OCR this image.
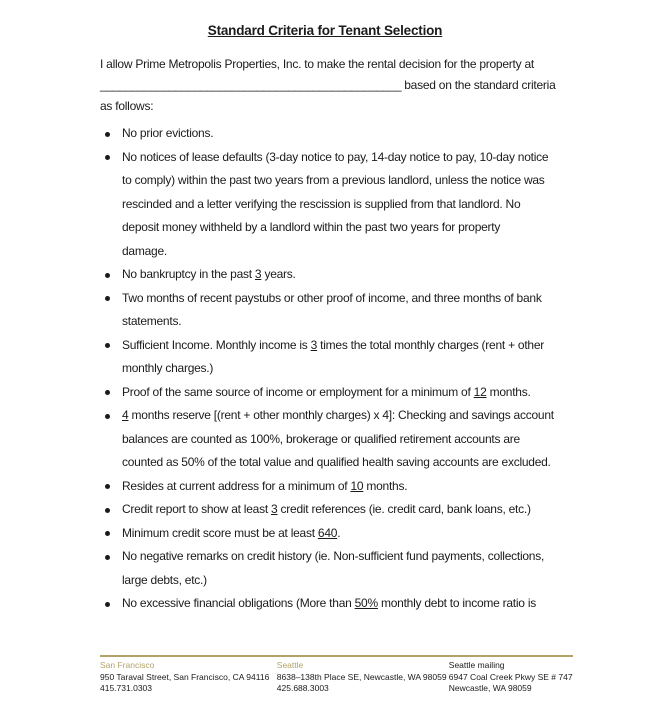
Standard Criteria for Tenant Selection

I allow Prime Metropolis Properties, Inc. to make the rental decision for the property at
________________________________________________ based on the standard criteria
as follows:

No prior evictions.
No notices of lease defaults (3-day notice to pay, 14-day notice to pay, 10-day notice
to comply) within the past two years from a previous landlord, unless the notice was
rescinded and a letter verifying the rescission is supplied from that landlord. No
deposit money withheld by a landlord within the past two years for property
damage.
No bankruptcy in the past 3 years.
Two months of recent paystubs or other proof of income, and three months of bank
statements.
Sufficient Income. Monthly income is 3 times the total monthly charges (rent + other
monthly charges.)
Proof of the same source of income or employment for a minimum of 12 months.
4 months reserve [(rent + other monthly charges) x 4]: Checking and savings account
balances are counted as 100%, brokerage or qualified retirement accounts are
counted as 50% of the total value and qualified health saving accounts are excluded.
Resides at current address for a minimum of 10 months.
Credit report to show at least 3 credit references (ie. credit card, bank loans, etc.)
Minimum credit score must be at least 640.
No negative remarks on credit history (ie. Non-sufficient fund payments, collections,
large debts, etc.)
No excessive financial obligations (More than 50% monthly debt to income ratio is
San Francisco
950 Taraval Street, San Francisco, CA 94116
415.731.0303
Seattle
8638–138th Place SE, Newcastle, WA 98059
425.688.3003
Seattle mailing
6947 Coal Creek Pkwy SE # 747
Newcastle, WA 98059
